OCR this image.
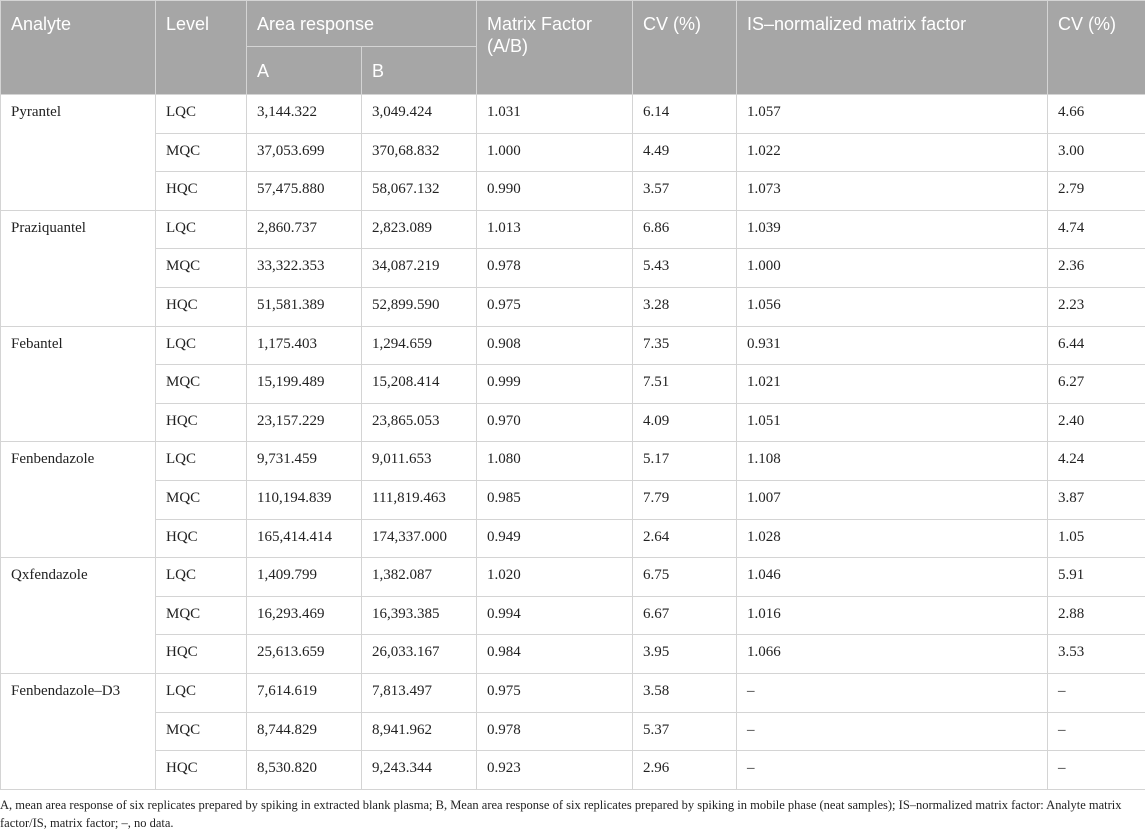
Analyte	Level	Area response		Matrix Factor (A/B)	CV (%)	IS–normalized matrix factor	CV (%)
		A	B				
Pyrantel	LQC	3,144.322	3,049.424	1.031	6.14	1.057	4.66
	MQC	37,053.699	370,68.832	1.000	4.49	1.022	3.00
	HQC	57,475.880	58,067.132	0.990	3.57	1.073	2.79
Praziquantel	LQC	2,860.737	2,823.089	1.013	6.86	1.039	4.74
	MQC	33,322.353	34,087.219	0.978	5.43	1.000	2.36
	HQC	51,581.389	52,899.590	0.975	3.28	1.056	2.23
Febantel	LQC	1,175.403	1,294.659	0.908	7.35	0.931	6.44
	MQC	15,199.489	15,208.414	0.999	7.51	1.021	6.27
	HQC	23,157.229	23,865.053	0.970	4.09	1.051	2.40
Fenbendazole	LQC	9,731.459	9,011.653	1.080	5.17	1.108	4.24
	MQC	110,194.839	111,819.463	0.985	7.79	1.007	3.87
	HQC	165,414.414	174,337.000	0.949	2.64	1.028	1.05
Qxfendazole	LQC	1,409.799	1,382.087	1.020	6.75	1.046	5.91
	MQC	16,293.469	16,393.385	0.994	6.67	1.016	2.88
	HQC	25,613.659	26,033.167	0.984	3.95	1.066	3.53
Fenbendazole–D3	LQC	7,614.619	7,813.497	0.975	3.58	–	–
	MQC	8,744.829	8,941.962	0.978	5.37	–	–
	HQC	8,530.820	9,243.344	0.923	2.96	–	–
A, mean area response of six replicates prepared by spiking in extracted blank plasma; B, Mean area response of six replicates prepared by spiking in mobile phase (neat samples); IS–normalized matrix factor: Analyte matrix factor/IS, matrix factor; –, no data.
